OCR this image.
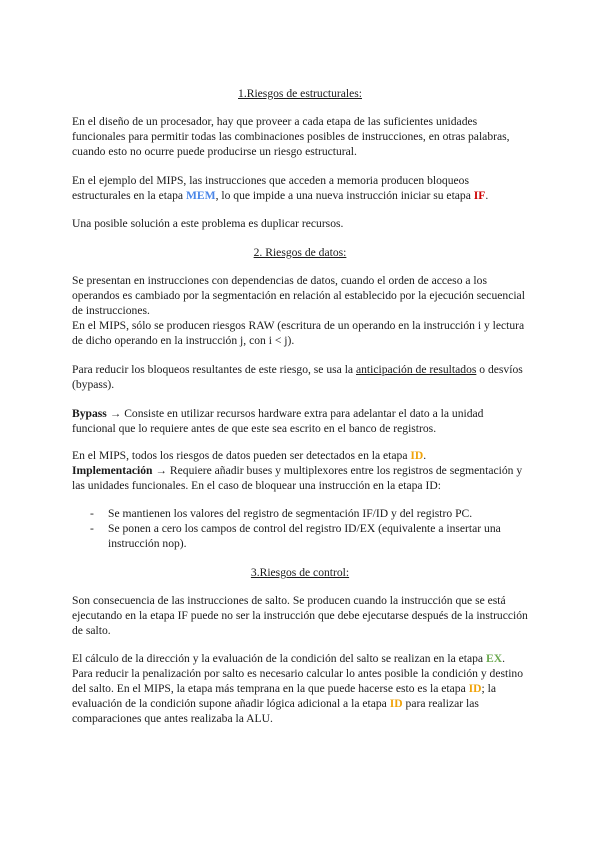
1.Riesgos de estructurales:

En el diseño de un procesador, hay que proveer a cada etapa de las suficientes unidades funcionales para permitir todas las combinaciones posibles de instrucciones, en otras palabras, cuando esto no ocurre puede producirse un riesgo estructural.

En el ejemplo del MIPS, las instrucciones que acceden a memoria producen bloqueos estructurales en la etapa MEM, lo que impide a una nueva instrucción iniciar su etapa IF.

Una posible solución a este problema es duplicar recursos.

2. Riesgos de datos:

Se presentan en instrucciones con dependencias de datos, cuando el orden de acceso a los operandos es cambiado por la segmentación en relación al establecido por la ejecución secuencial de instrucciones.

En el MIPS, sólo se producen riesgos RAW (escritura de un operando en la instrucción i y lectura de dicho operando en la instrucción j, con i < j).

Para reducir los bloqueos resultantes de este riesgo, se usa la anticipación de resultados o desvíos (bypass).

Bypass → Consiste en utilizar recursos hardware extra para adelantar el dato a la unidad funcional que lo requiere antes de que este sea escrito en el banco de registros.

En el MIPS, todos los riesgos de datos pueden ser detectados en la etapa ID.

Implementación → Requiere añadir buses y multiplexores entre los registros de segmentación y las unidades funcionales. En el caso de bloquear una instrucción en la etapa ID:

- Se mantienen los valores del registro de segmentación IF/ID y del registro PC.
- Se ponen a cero los campos de control del registro ID/EX (equivalente a insertar una instrucción nop).
3.Riesgos de control:

Son consecuencia de las instrucciones de salto. Se producen cuando la instrucción que se está ejecutando en la etapa IF puede no ser la instrucción que debe ejecutarse después de la instrucción de salto.

El cálculo de la dirección y la evaluación de la condición del salto se realizan en la etapa EX. Para reducir la penalización por salto es necesario calcular lo antes posible la condición y destino del salto. En el MIPS, la etapa más temprana en la que puede hacerse esto es la etapa ID; la evaluación de la condición supone añadir lógica adicional a la etapa ID para realizar las comparaciones que antes realizaba la ALU.
